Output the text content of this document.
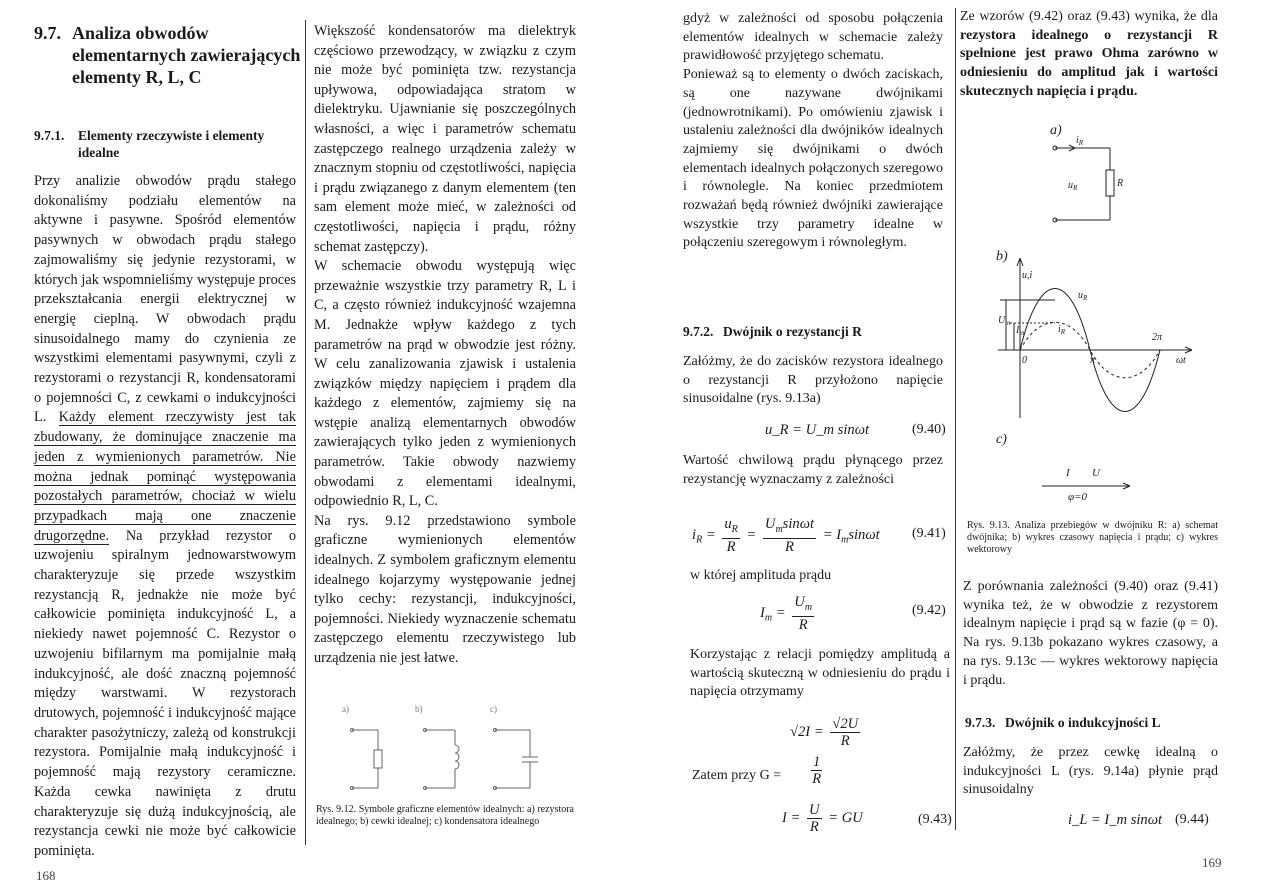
9.7. Analiza obwodów
elementarnych zawierających
elementy R, L, C
9.7.1. Elementy rzeczywiste i elementy
idealne

Przy analizie obwodów prądu stałego dokonaliśmy podziału elementów na aktywne i pasywne. Spośród elementów pasywnych w obwodach prądu stałego zajmowaliśmy się jedynie rezystorami, w których jak wspomnieliśmy występuje proces przekształcania energii elektrycznej w energię cieplną. W obwodach prądu sinusoidalnego mamy do czynienia ze wszystkimi elementami pasywnymi, czyli z rezystorami o rezystancji R, kondensatorami o pojemności C, z cewkami o indukcyjności L. Każdy element rzeczywisty jest tak zbudowany, że dominujące znaczenie ma jeden z wymienionych parametrów. Nie można jednak pominąć występowania pozostałych parametrów, chociaż w wielu przypadkach mają one znaczenie drugorzędne. Na przykład rezystor o uzwojeniu spiralnym jednowarstwowym charakteryzuje się przede wszystkim rezystancją R, jednakże nie może być całkowicie pominięta indukcyjność L, a niekiedy nawet pojemność C. Rezystor o uzwojeniu bifilarnym ma pomijalnie małą indukcyjność, ale dość znaczną pojemność między warstwami. W rezystorach drutowych, pojemność i indukcyjność mające charakter pasożytniczy, zależą od konstrukcji rezystora. Pomijalnie małą indukcyjność i pojemność mają rezystory ceramiczne. Każda cewka nawinięta z drutu charakteryzuje się dużą indukcyjnością, ale rezystancja cewki nie może być całkowicie pominięta.

Większość kondensatorów ma dielektryk częściowo przewodzący, w związku z czym nie może być pominięta tzw. rezystancja upływowa, odpowiadająca stratom w dielektryku. Ujawnianie się poszczególnych własności, a więc i parametrów schematu zastępczego realnego urządzenia zależy w znacznym stopniu od częstotliwości, napięcia i prądu związanego z danym elementem (ten sam element może mieć, w zależności od częstotliwości, napięcia i prądu, różny schemat zastępczy).

W schemacie obwodu występują więc przeważnie wszystkie trzy parametry R, L i C, a często również indukcyjność wzajemna M. Jednakże wpływ każdego z tych parametrów na prąd w obwodzie jest różny. W celu zanalizowania zjawisk i ustalenia związków między napięciem i prądem dla każdego z elementów, zajmiemy się na wstępie analizą elementarnych obwodów zawierających tylko jeden z wymienionych parametrów. Takie obwody nazwiemy obwodami z elementami idealnymi, odpowiednio R, L, C.

Na rys. 9.12 przedstawiono symbole graficzne wymienionych elementów idealnych. Z symbolem graficznym elementu idealnego kojarzymy występowanie jednej tylko cechy: rezystancji, indukcyjności, pojemności. Niekiedy wyznaczenie schematu zastępczego elementu rzeczywistego lub urządzenia nie jest łatwe.

a)	b)	c)
Rys. 9.12. Symbole graficzne elementów idealnych: a) rezystora idealnego; b) cewki idealnej; c) kondensatora idealnego
168

gdyż w zależności od sposobu połączenia elementów idealnych w schemacie zależy prawidłowość przyjętego schematu.

Ponieważ są to elementy o dwóch zaciskach, są one nazywane dwójnikami (jednowrotnikami). Po omówieniu zjawisk i ustaleniu zależności dla dwójników idealnych zajmiemy się dwójnikami o dwóch elementach idealnych połączonych szeregowo i równolegle. Na koniec przedmiotem rozważań będą również dwójniki zawierające wszystkie trzy parametry idealne w połączeniu szeregowym i równoległym.

9.7.2. Dwójnik o rezystancji R

Załóżmy, że do zacisków rezystora idealnego o rezystancji R przyłożono napięcie sinusoidalne (rys. 9.13a)

u_R = U_m sinωt	(9.40)

Wartość chwilową prądu płynącego przez rezystancję wyznaczamy z zależności

$i_R = \frac{u_R}{R} = \frac{U_m\sin\omega t}{R} = I_m\sin\omega t$ (9.41)

w której amplituda prądu

$I_m = \frac{U_m}{R}$	(9.42)

Korzystając z relacji pomiędzy amplitudą a wartością skuteczną w odniesieniu do prądu i napięcia otrzymamy

$√2I = \frac{√2U}{R}$
Zatem przy $G = \frac{1}{R}$
$I = \frac{U}{R}$ = GU	(9.43)

Ze wzorów (9.42) oraz (9.43) wynika, że dla rezystora idealnego o rezystancji R spełnione jest prawo Ohma zarówno w odniesieniu do amplitud jak i wartości skutecznych napięcia i prądu.

a)
b)
c)
$i_R$
$u_R$	R
u,i
$u_R$
$i_R$
$U_m$
$I_m$
0	π
2π
ωt
I U
φ=0
Rys. 9.13. Analiza przebiegów w dwójniku R: a) schemat dwójnika; b) wykres czasowy napięcia i prądu; c) wykres wektorowy

Z porównania zależności (9.40) oraz (9.41) wynika też, że w obwodzie z rezystorem idealnym napięcie i prąd są w fazie (φ = 0). Na rys. 9.13b pokazano wykres czasowy, a na rys. 9.13c — wykres wektorowy napięcia i prądu.

9.7.3. Dwójnik o indukcyjności L

Załóżmy, że przez cewkę idealną o indukcyjności L (rys. 9.14a) płynie prąd sinusoidalny

i_L = I_m sinωt (9.44)
169
